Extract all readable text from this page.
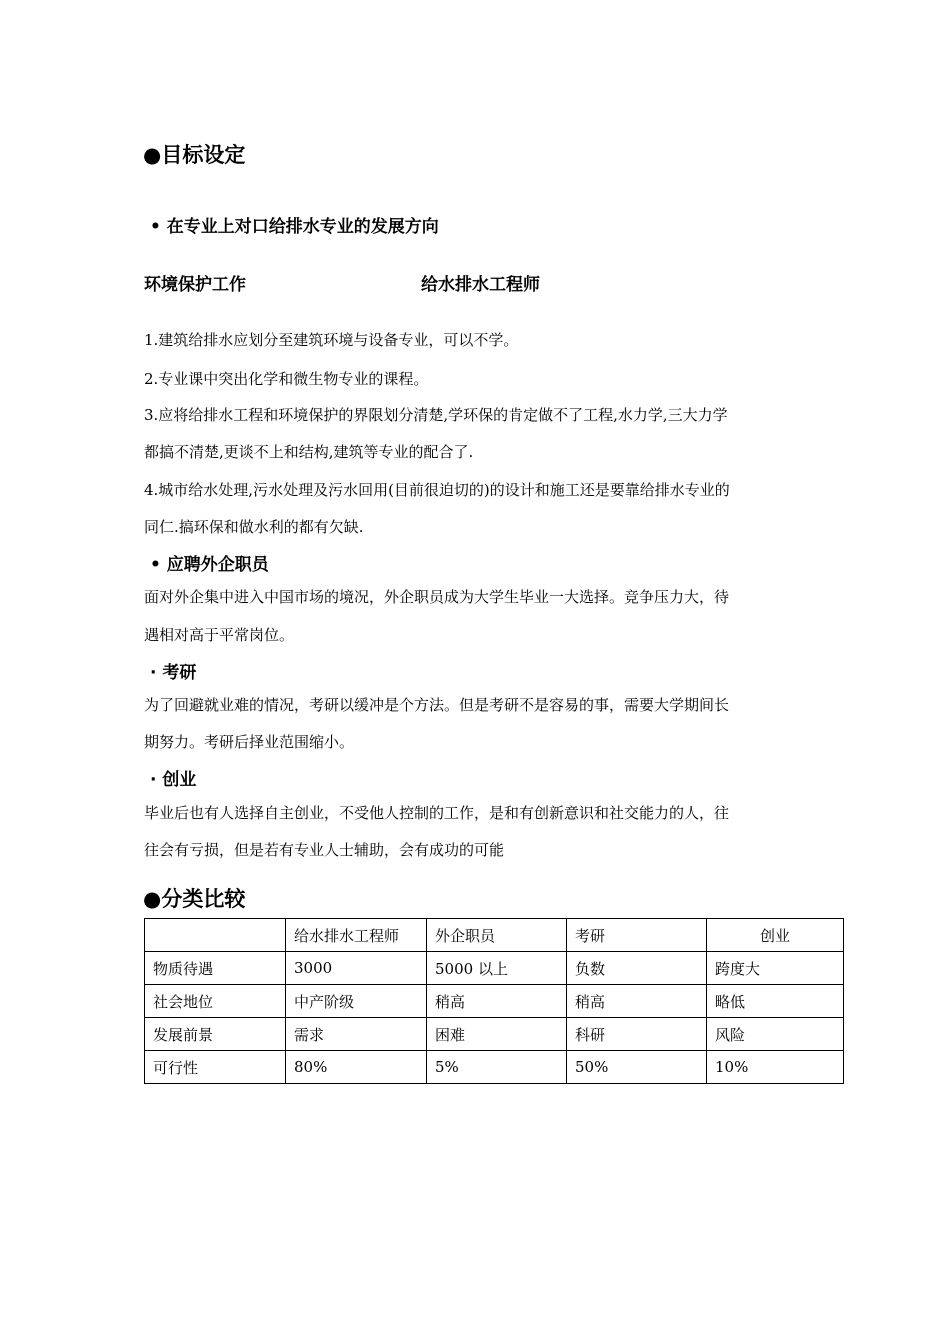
●目标设定
• 在专业上对口给排水专业的发展方向
环境保护工作	给水排水工程师
1.建筑给排水应划分至建筑环境与设备专业，可以不学。
2.专业课中突出化学和微生物专业的课程。
3.应将给排水工程和环境保护的界限划分清楚,学环保的肯定做不了工程,水力学,三大力学
都搞不清楚,更谈不上和结构,建筑等专业的配合了.
4.城市给水处理,污水处理及污水回用(目前很迫切的)的设计和施工还是要靠给排水专业的
同仁.搞环保和做水利的都有欠缺.
• 应聘外企职员
面对外企集中进入中国市场的境况，外企职员成为大学生毕业一大选择。竞争压力大，待
遇相对高于平常岗位。
· 考研
为了回避就业难的情况，考研以缓冲是个方法。但是考研不是容易的事，需要大学期间长
期努力。考研后择业范围缩小。
· 创业
毕业后也有人选择自主创业，不受他人控制的工作，是和有创新意识和社交能力的人，往
往会有亏损，但是若有专业人士辅助，会有成功的可能
●分类比较
	给水排水工程师	外企职员	考研	创业
物质待遇	3000	5000 以上	负数	跨度大
社会地位	中产阶级	稍高	稍高	略低
发展前景	需求	困难	科研	风险
可行性	80%	5%	50%	10%
